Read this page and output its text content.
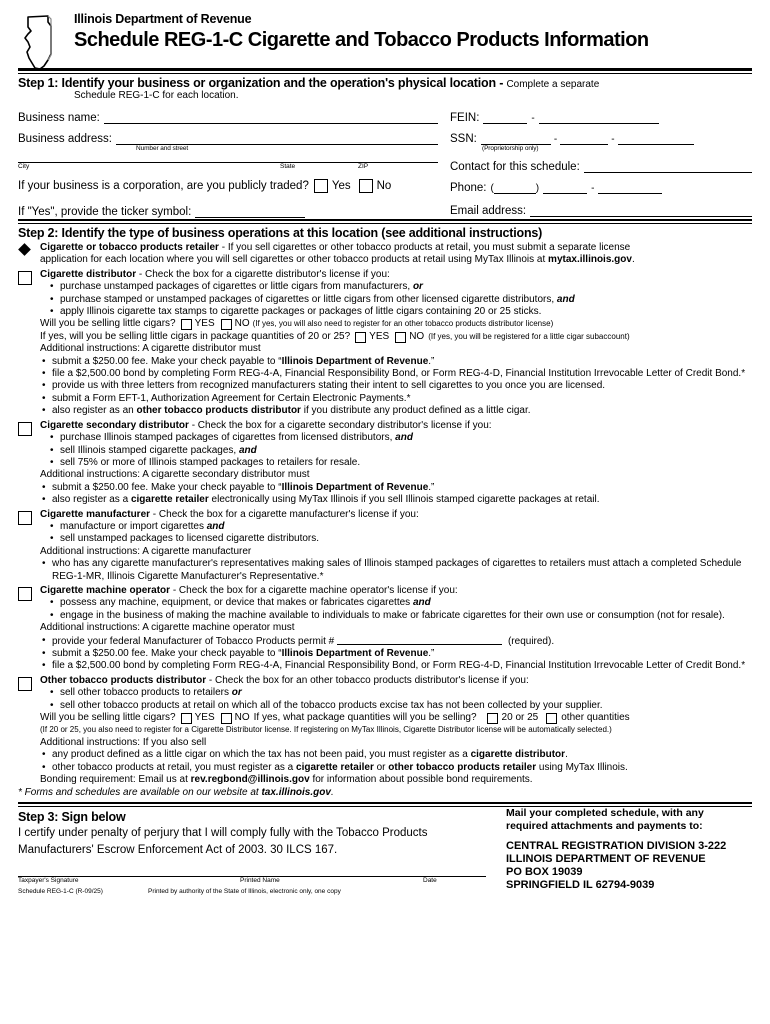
Illinois Department of Revenue
Schedule REG-1-C Cigarette and Tobacco Products Information
Step 1: Identify your business or organization and the operation's physical location - Complete a separate
Schedule REG-1-C for each location.
Business name:
Business address:
Number and street
City	State	ZIP
If your business is a corporation, are you publicly traded?	Yes	No
If "Yes", provide the ticker symbol:
FEIN:	-
SSN:	-	-
(Proprietorship only)
Contact for this schedule:
Phone: (	)	-
Email address:
Step 2: Identify the type of business operations at this location (see additional instructions)
Cigarette or tobacco products retailer - If you sell cigarettes or other tobacco products at retail, you must submit a separate license
application for each location where you will sell cigarettes or other tobacco products at retail using MyTax Illinois at mytax.illinois.gov.
Cigarette distributor - Check the box for a cigarette distributor's license if you:
• purchase unstamped packages of cigarettes or little cigars from manufacturers, or
• purchase stamped or unstamped packages of cigarettes or little cigars from other licensed cigarette distributors, and
• apply Illinois cigarette tax stamps to cigarette packages or packages of little cigars containing 20 or 25 sticks.
Will you be selling little cigars?	YES	NO (If yes, you will also need to register for an other tobacco products distributor license)
If yes, will you be selling little cigars in package quantities of 20 or 25?	YES	NO (If yes, you will be registered for a little cigar subaccount)
Additional instructions: A cigarette distributor must
• submit a $250.00 fee. Make your check payable to “Illinois Department of Revenue.”
• file a $2,500.00 bond by completing Form REG-4-A, Financial Responsibility Bond, or Form REG-4-D, Financial Institution Irrevocable Letter of Credit Bond.*
• provide us with three letters from recognized manufacturers stating their intent to sell cigarettes to you once you are licensed.
• submit a Form EFT-1, Authorization Agreement for Certain Electronic Payments.*
• also register as an other tobacco products distributor if you distribute any product defined as a little cigar.
Cigarette secondary distributor - Check the box for a cigarette secondary distributor's license if you:
• purchase Illinois stamped packages of cigarettes from licensed distributors, and
• sell Illinois stamped cigarette packages, and
• sell 75% or more of Illinois stamped packages to retailers for resale.
Additional instructions: A cigarette secondary distributor must
• submit a $250.00 fee. Make your check payable to “Illinois Department of Revenue.”
• also register as a cigarette retailer electronically using MyTax Illinois if you sell Illinois stamped cigarette packages at retail.
Cigarette manufacturer - Check the box for a cigarette manufacturer's license if you:
• manufacture or import cigarettes and
• sell unstamped packages to licensed cigarette distributors.
Additional instructions: A cigarette manufacturer
• who has any cigarette manufacturer's representatives making sales of Illinois stamped packages of cigarettes to retailers must attach a completed Schedule REG-1-MR, Illinois Cigarette Manufacturer's Representative.*
Cigarette machine operator - Check the box for a cigarette machine operator's license if you:
• possess any machine, equipment, or device that makes or fabricates cigarettes and
• engage in the business of making the machine available to individuals to make or fabricate cigarettes for their own use or consumption (not for resale).
Additional instructions: A cigarette machine operator must
• provide your federal Manufacturer of Tobacco Products permit #	(required).
• submit a $250.00 fee. Make your check payable to “Illinois Department of Revenue.”
• file a $2,500.00 bond by completing Form REG-4-A, Financial Responsibility Bond, or Form REG-4-D, Financial Institution Irrevocable Letter of Credit Bond.*
Other tobacco products distributor - Check the box for an other tobacco products distributor's license if you:
• sell other tobacco products to retailers or
• sell other tobacco products at retail on which all of the tobacco products excise tax has not been collected by your supplier.
Will you be selling little cigars?	YES	NO If yes, what package quantities will you be selling?	20 or 25	other quantities
(If 20 or 25, you also need to register for a Cigarette Distributor license. If registering on MyTax Illinois, Cigarette Distributor license will be automatically selected.)
Additional instructions: If you also sell
• any product defined as a little cigar on which the tax has not been paid, you must register as a cigarette distributor.
• other tobacco products at retail, you must register as a cigarette retailer or other tobacco products retailer using MyTax Illinois.
Bonding requirement: Email us at rev.regbond@illinois.gov for information about possible bond requirements.
* Forms and schedules are available on our website at tax.illinois.gov.
Step 3: Sign below
I certify under penalty of perjury that I will comply fully with the Tobacco Products
Manufacturers' Escrow Enforcement Act of 2003. 30 ILCS 167.
Taxpayer's Signature	Printed Name	Date
Schedule REG-1-C (R-09/25)	Printed by authority of the State of Illinois, electronic only, one copy
Mail your completed schedule, with any
required attachments and payments to:
CENTRAL REGISTRATION DIVISION 3-222
ILLINOIS DEPARTMENT OF REVENUE
PO BOX 19039
SPRINGFIELD IL 62794-9039
